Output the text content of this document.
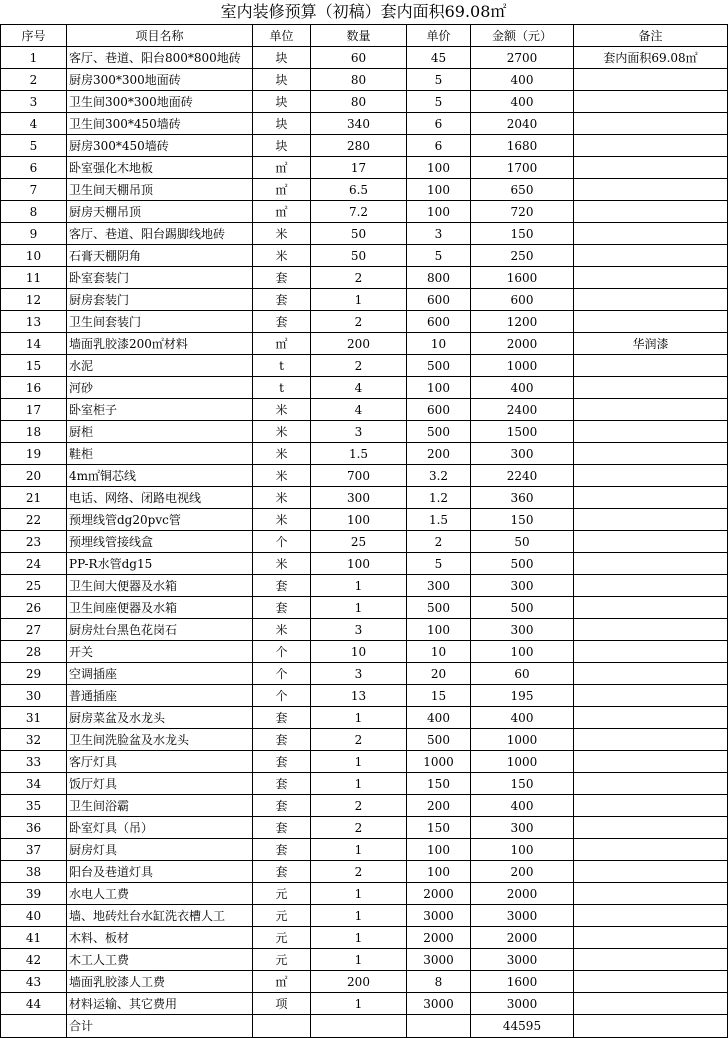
室内装修预算（初稿）套内面积69.08㎡
序号	项目名称	单位	数量	单价	金额（元）	备注
1	客厅、巷道、阳台800*800地砖	块	60	45	2700	套内面积69.08㎡
2	厨房300*300地面砖	块	80	5	400	
3	卫生间300*300地面砖	块	80	5	400	
4	卫生间300*450墙砖	块	340	6	2040	
5	厨房300*450墙砖	块	280	6	1680	
6	卧室强化木地板	㎡	17	100	1700	
7	卫生间天棚吊顶	㎡	6.5	100	650	
8	厨房天棚吊顶	㎡	7.2	100	720	
9	客厅、巷道、阳台踢脚线地砖	米	50	3	150	
10	石膏天棚阴角	米	50	5	250	
11	卧室套装门	套	2	800	1600	
12	厨房套装门	套	1	600	600	
13	卫生间套装门	套	2	600	1200	
14	墙面乳胶漆200㎡材料	㎡	200	10	2000	华润漆
15	水泥	t	2	500	1000	
16	河砂	t	4	100	400	
17	卧室柜子	米	4	600	2400	
18	厨柜	米	3	500	1500	
19	鞋柜	米	1.5	200	300	
20	4m㎡铜芯线	米	700	3.2	2240	
21	电话、网络、闭路电视线	米	300	1.2	360	
22	预埋线管dg20pvc管	米	100	1.5	150	
23	预埋线管接线盒	个	25	2	50	
24	PP-R水管dg15	米	100	5	500	
25	卫生间大便器及水箱	套	1	300	300	
26	卫生间座便器及水箱	套	1	500	500	
27	厨房灶台黑色花岗石	米	3	100	300	
28	开关	个	10	10	100	
29	空调插座	个	3	20	60	
30	普通插座	个	13	15	195	
31	厨房菜盆及水龙头	套	1	400	400	
32	卫生间洗脸盆及水龙头	套	2	500	1000	
33	客厅灯具	套	1	1000	1000	
34	饭厅灯具	套	1	150	150	
35	卫生间浴霸	套	2	200	400	
36	卧室灯具（吊）	套	2	150	300	
37	厨房灯具	套	1	100	100	
38	阳台及巷道灯具	套	2	100	200	
39	水电人工费	元	1	2000	2000	
40	墙、地砖灶台水缸洗衣槽人工	元	1	3000	3000	
41	木料、板材	元	1	2000	2000	
42	木工人工费	元	1	3000	3000	
43	墙面乳胶漆人工费	㎡	200	8	1600	
44	材料运输、其它费用	项	1	3000	3000	
	合计				44595	
